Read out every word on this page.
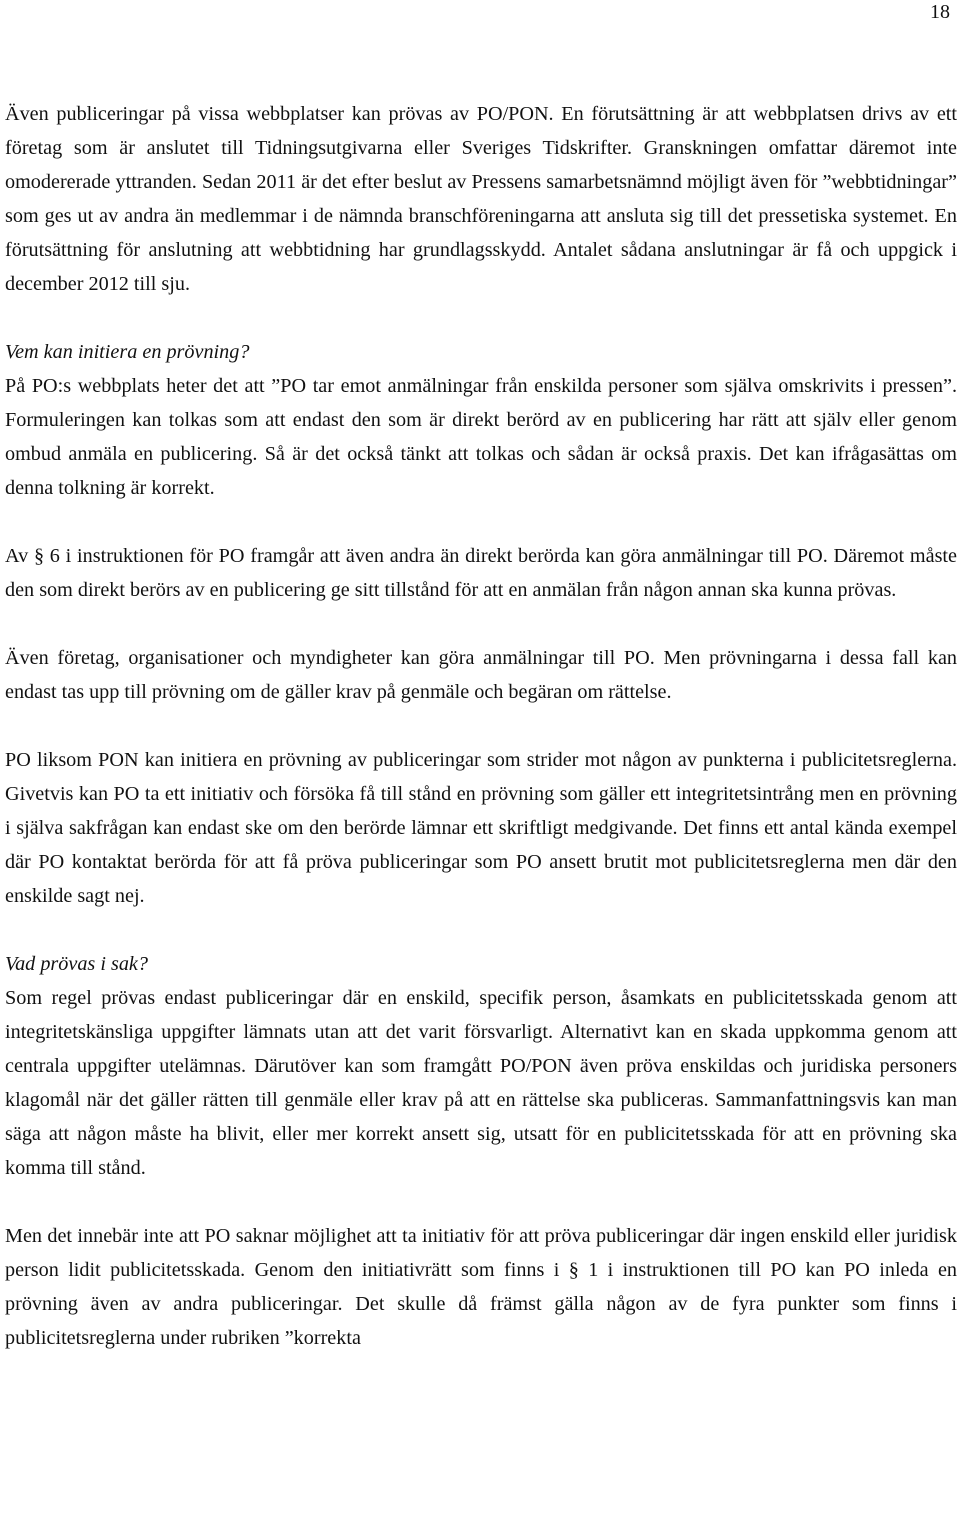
18

Även publiceringar på vissa webbplatser kan prövas av PO/PON. En förutsättning är att webbplatsen drivs av ett företag som är anslutet till Tidningsutgivarna eller Sveriges Tidskrifter. Granskningen omfattar däremot inte omodererade yttranden. Sedan 2011 är det efter beslut av Pressens samarbetsnämnd möjligt även för ”webbtidningar” som ges ut av andra än medlemmar i de nämnda branschföreningarna att ansluta sig till det pressetiska systemet. En förutsättning för anslutning att webbtidning har grundlagsskydd. Antalet sådana anslutningar är få och uppgick i december 2012 till sju.

Vem kan initiera en prövning?

På PO:s webbplats heter det att ”PO tar emot anmälningar från enskilda personer som själva omskrivits i pressen”. Formuleringen kan tolkas som att endast den som är direkt berörd av en publicering har rätt att själv eller genom ombud anmäla en publicering. Så är det också tänkt att tolkas och sådan är också praxis. Det kan ifrågasättas om denna tolkning är korrekt.

Av § 6 i instruktionen för PO framgår att även andra än direkt berörda kan göra anmälningar till PO. Däremot måste den som direkt berörs av en publicering ge sitt tillstånd för att en anmälan från någon annan ska kunna prövas.

Även företag, organisationer och myndigheter kan göra anmälningar till PO. Men prövningarna i dessa fall kan endast tas upp till prövning om de gäller krav på genmäle och begäran om rättelse.

PO liksom PON kan initiera en prövning av publiceringar som strider mot någon av punkterna i publicitetsreglerna. Givetvis kan PO ta ett initiativ och försöka få till stånd en prövning som gäller ett integritetsintrång men en prövning i själva sakfrågan kan endast ske om den berörde lämnar ett skriftligt medgivande. Det finns ett antal kända exempel där PO kontaktat berörda för att få pröva publiceringar som PO ansett brutit mot publicitetsreglerna men där den enskilde sagt nej.

Vad prövas i sak?

Som regel prövas endast publiceringar där en enskild, specifik person, åsamkats en publicitetsskada genom att integritetskänsliga uppgifter lämnats utan att det varit försvarligt. Alternativt kan en skada uppkomma genom att centrala uppgifter utelämnas. Därutöver kan som framgått PO/PON även pröva enskildas och juridiska personers klagomål när det gäller rätten till genmäle eller krav på att en rättelse ska publiceras. Sammanfattningsvis kan man säga att någon måste ha blivit, eller mer korrekt ansett sig, utsatt för en publicitetsskada för att en prövning ska komma till stånd.

Men det innebär inte att PO saknar möjlighet att ta initiativ för att pröva publiceringar där ingen enskild eller juridisk person lidit publicitetsskada. Genom den initiativrätt som finns i § 1 i instruktionen till PO kan PO inleda en prövning även av andra publiceringar. Det skulle då främst gälla någon av de fyra punkter som finns i publicitetsreglerna under rubriken ”korrekta
